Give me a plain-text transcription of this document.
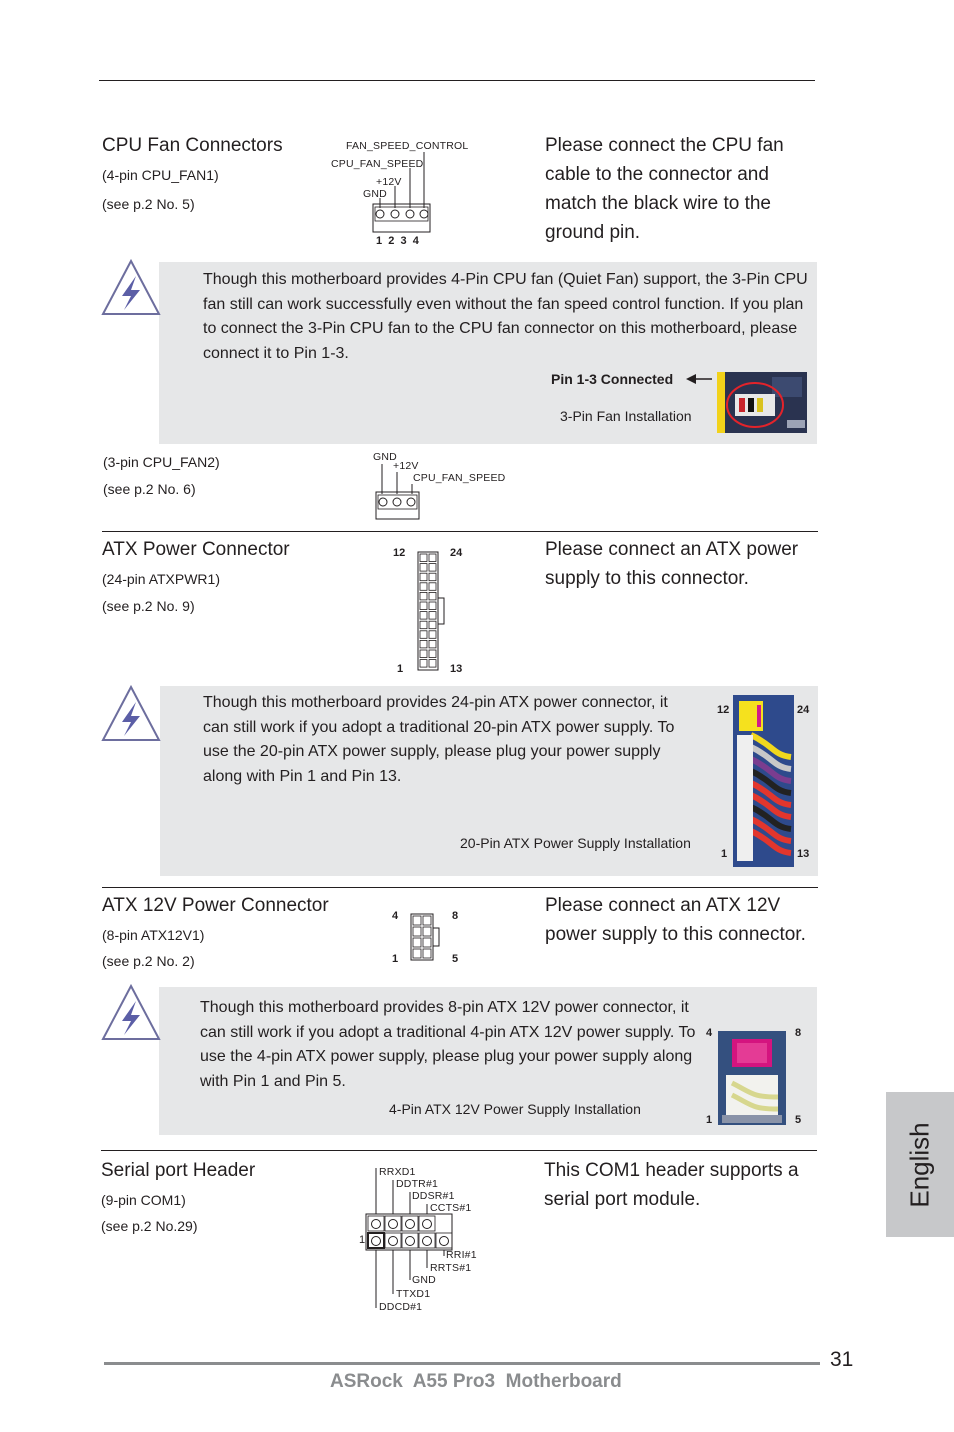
CPU Fan Connectors
(4-pin CPU_FAN1)
(see p.2 No. 5)
Please connect the CPU fan cable to the connector and match the black wire to the ground pin.
FAN_SPEED_CONTROL
CPU_FAN_SPEED
+12V
GND
1  2  3  4
Though this motherboard provides 4-Pin CPU fan (Quiet Fan) support, the 3-Pin CPU fan still can work successfully even without the fan speed control function. If you plan to connect the 3-Pin CPU fan to the CPU fan connector on this motherboard, please connect it to Pin 1-3.
Pin 1-3 Connected
3-Pin Fan Installation
(3-pin CPU_FAN2)
(see p.2 No. 6)
GND
+12V
CPU_FAN_SPEED
ATX Power Connector
(24-pin ATXPWR1)
(see p.2 No. 9)
Please connect an ATX power supply to this connector.
12	24
1	13
Though this motherboard provides 24-pin ATX power connector, it can still work if you adopt a traditional 20-pin ATX power supply. To use the 20-pin ATX power supply, please plug your power supply along with Pin 1 and Pin 13.
20-Pin ATX Power Supply Installation
12	24
1	13
ATX 12V Power Connector
(8-pin ATX12V1)
(see p.2 No. 2)
Please connect an ATX 12V power supply to this connector.
4	8
1	5
Though this motherboard provides 8-pin ATX 12V power connector, it can still work if you adopt a traditional 4-pin ATX 12V power supply. To use the 4-pin ATX power supply, please plug your power supply along with Pin 1 and Pin 5.
4-Pin ATX 12V Power Supply Installation
4	8
1	5
Serial port Header
(9-pin COM1)
(see p.2 No.29)
This COM1 header supports a serial port module.
RRXD1
DDTR#1
DDSR#1
CCTS#1
RRI#1
RRTS#1
GND
TTXD1
DDCD#1
1
English
31
ASRock  A55 Pro3  Motherboard
